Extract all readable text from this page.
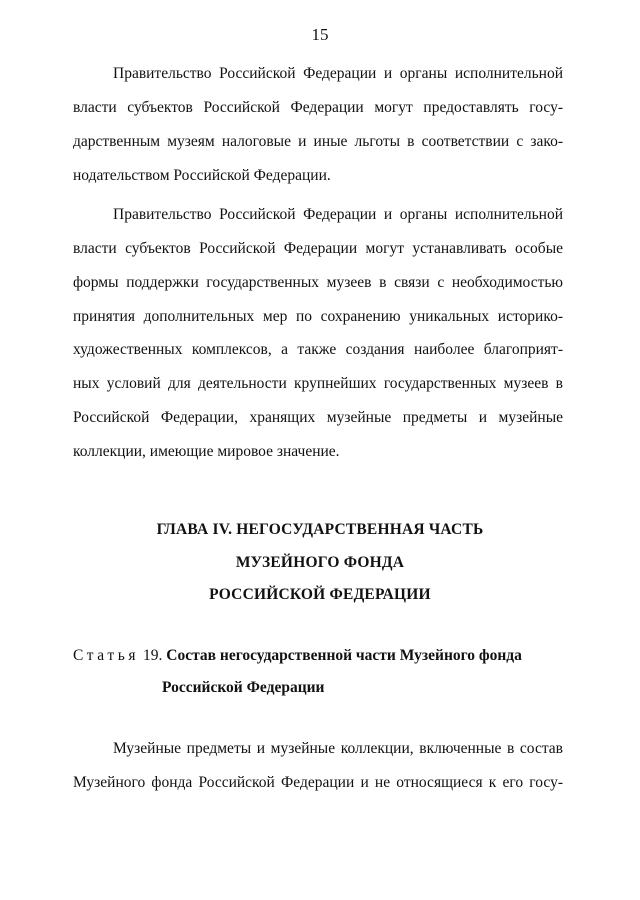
15
Правительство Российской Федерации и органы исполнительной
власти субъектов Российской Федерации могут предоставлять госу-
дарственным музеям налоговые и иные льготы в соответствии с зако-
нодательством Российской Федерации.
Правительство Российской Федерации и органы исполнительной
власти субъектов Российской Федерации могут устанавливать особые
формы поддержки государственных музеев в связи с необходимостью
принятия дополнительных мер по сохранению уникальных историко-
художественных комплексов, а также создания наиболее благоприят-
ных условий для деятельности крупнейших государственных музеев в
Российской Федерации, хранящих музейные предметы и музейные
коллекции, имеющие мировое значение.
ГЛАВА IV. НЕГОСУДАРСТВЕННАЯ ЧАСТЬ
МУЗЕЙНОГО ФОНДА
РОССИЙСКОЙ ФЕДЕРАЦИИ
Статья 19. Состав негосударственной части Музейного фонда
Российской Федерации
Музейные предметы и музейные коллекции, включенные в состав
Музейного фонда Российской Федерации и не относящиеся к его госу-
